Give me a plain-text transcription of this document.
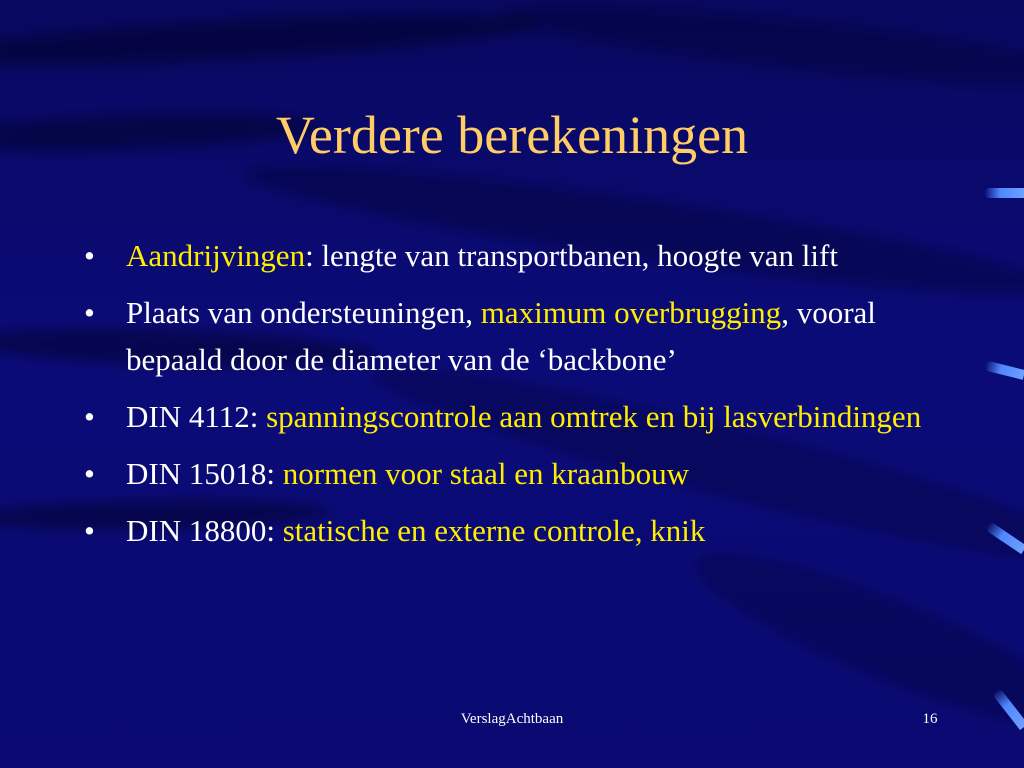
Verdere berekeningen
• Aandrijvingen: lengte van transportbanen, hoogte van lift
• Plaats van ondersteuningen, maximum overbrugging, vooral bepaald door de diameter van de ‘backbone’
• DIN 4112: spanningscontrole aan omtrek en bij lasverbindingen
• DIN 15018: normen voor staal en kraanbouw
• DIN 18800: statische en externe controle, knik
VerslagAchtbaan	16
